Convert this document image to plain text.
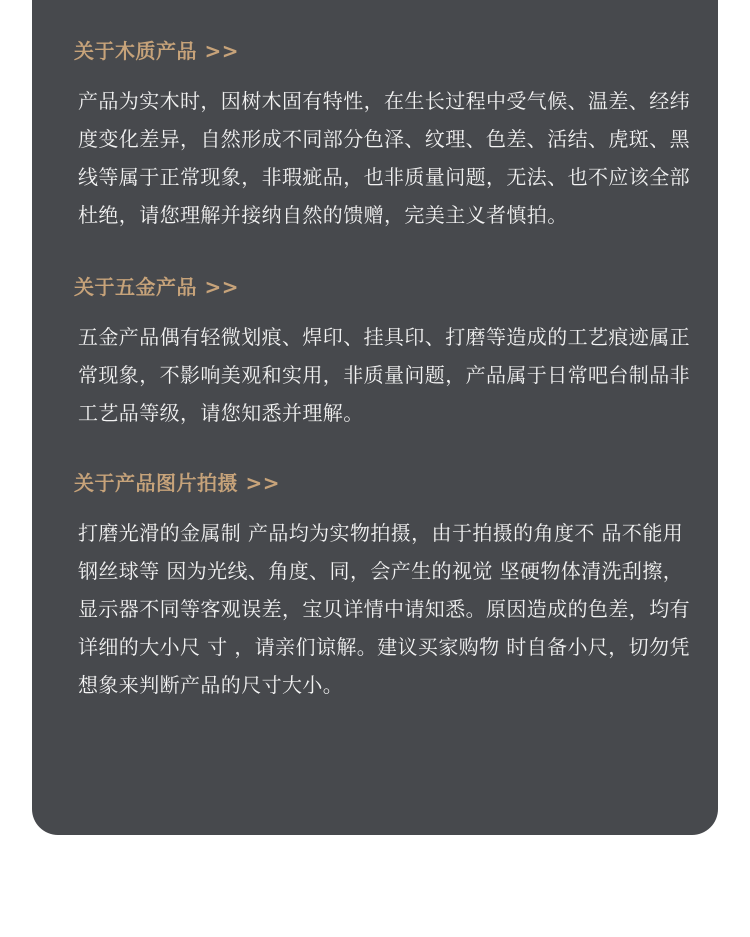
关于木质产品 >>
产品为实木时，因树木固有特性，在生长过程中受气候、温差、经纬度变化差异，自然形成不同部分色泽、纹理、色差、活结、虎斑、黑线等属于正常现象，非瑕疵品，也非质量问题，无法、也不应该全部杜绝，请您理解并接纳自然的馈赠，完美主义者慎拍。
关于五金产品 >>
五金产品偶有轻微划痕、焊印、挂具印、打磨等造成的工艺痕迹属正常现象，不影响美观和实用，非质量问题，产品属于日常吧台制品非工艺品等级，请您知悉并理解。
关于产品图片拍摄 >>
打磨光滑的金属制 产品均为实物拍摄，由于拍摄的角度不 品不能用钢丝球等 因为光线、角度、同，会产生的视觉 坚硬物体清洗刮擦，显示器不同等客观误差，宝贝详情中请知悉。原因造成的色差，均有详细的大小尺 寸 ，请亲们谅解。建议买家购物 时自备小尺，切勿凭想象来判断产品的尺寸大小。
